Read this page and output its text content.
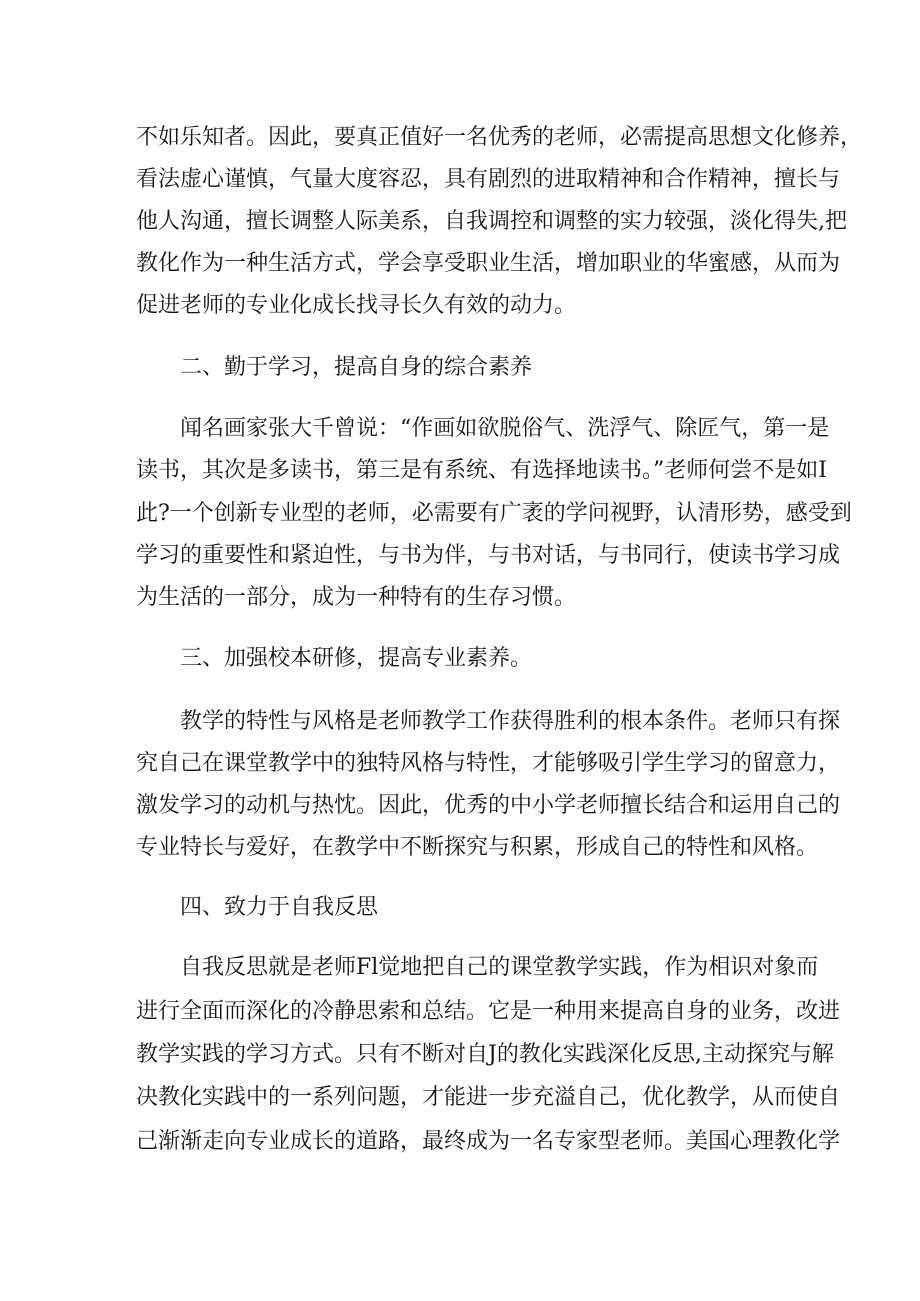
不如乐知者。因此，要真正值好一名优秀的老师，必需提高思想文化修养，

看法虚心谨慎，气量大度容忍，具有剧烈的进取精神和合作精神，擅长与

他人沟通，擅长调整人际美系，自我调控和调整的实力较强，淡化得失,把

教化作为一种生活方式，学会享受职业生活，增加职业的华蜜感，从而为

促进老师的专业化成长找寻长久有效的动力。

二、勤于学习，提高自身的综合素养

闻名画家张大千曾说：“作画如欲脱俗气、洗浮气、除匠气，第一是

读书，其次是多读书，第三是有系统、有选择地读书。”老师何尝不是如I

此?一个创新专业型的老师，必需要有广袤的学问视野，认清形势，感受到

学习的重要性和紧迫性，与书为伴，与书对话，与书同行，使读书学习成

为生活的一部分，成为一种特有的生存习惯。

三、加强校本研修，提高专业素养。

教学的特性与风格是老师教学工作获得胜利的根本条件。老师只有探

究自己在课堂教学中的独特风格与特性，才能够吸引学生学习的留意力，

激发学习的动机与热忱。因此，优秀的中小学老师擅长结合和运用自己的

专业特长与爱好，在教学中不断探究与积累，形成自己的特性和风格。

四、致力于自我反思

自我反思就是老师Fl觉地把自己的课堂教学实践，作为相识对象而

进行全面而深化的冷静思索和总结。它是一种用来提高自身的业务，改进

教学实践的学习方式。只有不断对自J的教化实践深化反思,主动探究与解

决教化实践中的一系列问题，才能进一步充溢自己，优化教学，从而使自

己渐渐走向专业成长的道路，最终成为一名专家型老师。美国心理教化学
